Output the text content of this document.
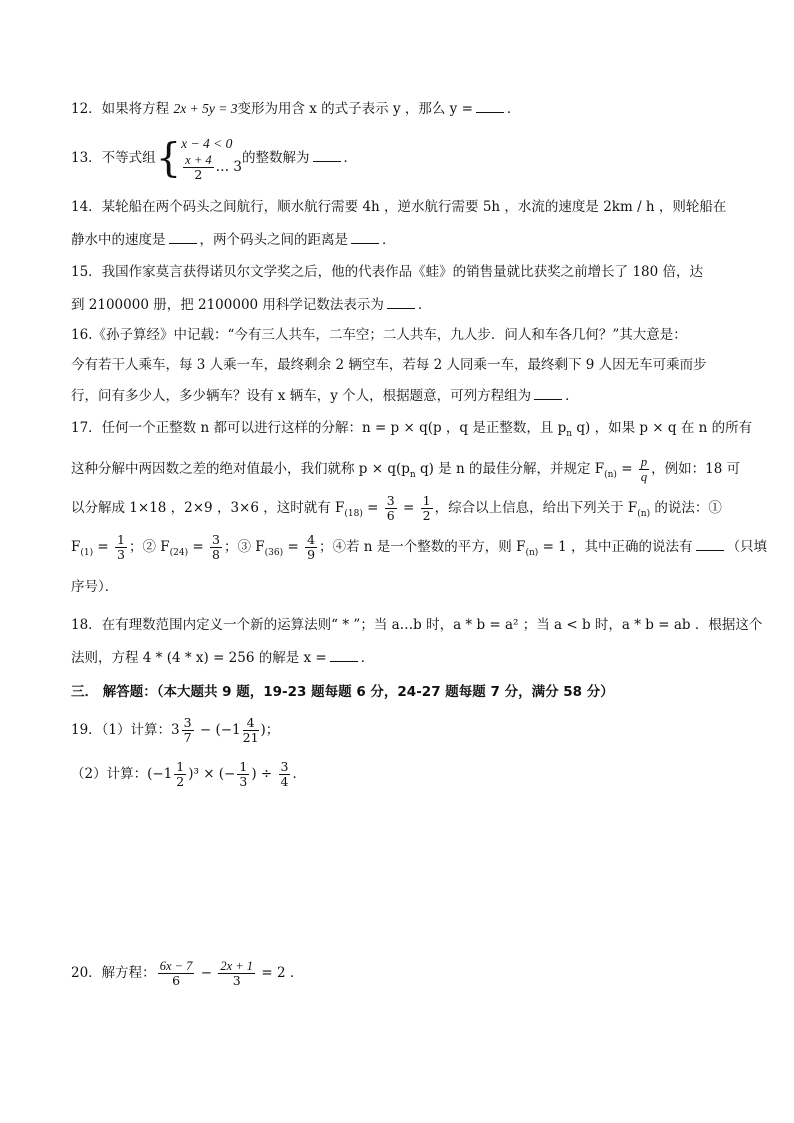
12．如果将方程 2x + 5y = 3变形为用含 x 的式子表示 y ，那么 y =	．
13．不等式组{ x − 4 < 0
$\frac{x + 4}{2}$ … 3
的整数解为	．
14．某轮船在两个码头之间航行，顺水航行需要 4h ，逆水航行需要 5h ，水流的速度是 2km / h ，则轮船在
静水中的速度是	，两个码头之间的距离是	．
15．我国作家莫言获得诺贝尔文学奖之后，他的代表作品《蛙》的销售量就比获奖之前增长了 180 倍，达
到 2100000 册，把 2100000 用科学记数法表示为	．
16.《孙子算经》中记载：“今有三人共车，二车空；二人共车，九人步．问人和车各几何？”其大意是：
今有若干人乘车，每 3 人乘一车，最终剩余 2 辆空车，若每 2 人同乘一车，最终剩下 9 人因无车可乘而步
行，问有多少人，多少辆车？设有 x 辆车，y 个人，根据题意，可列方程组为	．
17．任何一个正整数 n 都可以进行这样的分解：n = p × q(p ，q 是正整数，且 $p_n$ q) ，如果 p × q 在 n 的所有
这种分解中两因数之差的绝对值最小，我们就称 $p \times q(p_n$ q) 是 n 的最佳分解，并规定 $F_{(n)} = \frac{p}{q}$ ，例如：18 可
以分解成 1×18 ，2×9 ，3×6 ，这时就有 $F_{(18)} = \frac{3}{6} = \frac{1}{2}$ ，综合以上信息，给出下列关于 $F_{(n)}$ 的说法：①
$F_{(1)} = \frac{1}{3}$ ；② $F_{(24)} = \frac{3}{8}$ ；③ $F_{(36)} = \frac{4}{9}$ ；④若 n 是一个整数的平方，则 $F_{(n)} = 1$ ，其中正确的说法有	（只填
序号）．
18．在有理数范围内定义一个新的运算法则“ * ”；当 a…b 时，a * b = a² ；当 a < b 时，a * b = ab ．根据这个
法则，方程 4 * (4 * x) = 256 的解是 x =	．
三． 解答题：（本大题共 9 题，19-23 题每题 6 分，24-27 题每题 7 分，满分 58 分）
19．（1）计算：$3 \frac{3}{7} - (-1 \frac{4}{21}$ )；
（2）计算：$(-1 \frac{1}{2} )^3$ × (− $\frac{1}{3}$ ) ÷ $\frac{3}{4}$ ．
20．解方程： $\frac{6x - 7}{6} - \frac{2x + 1}{3} = 2$ ．
